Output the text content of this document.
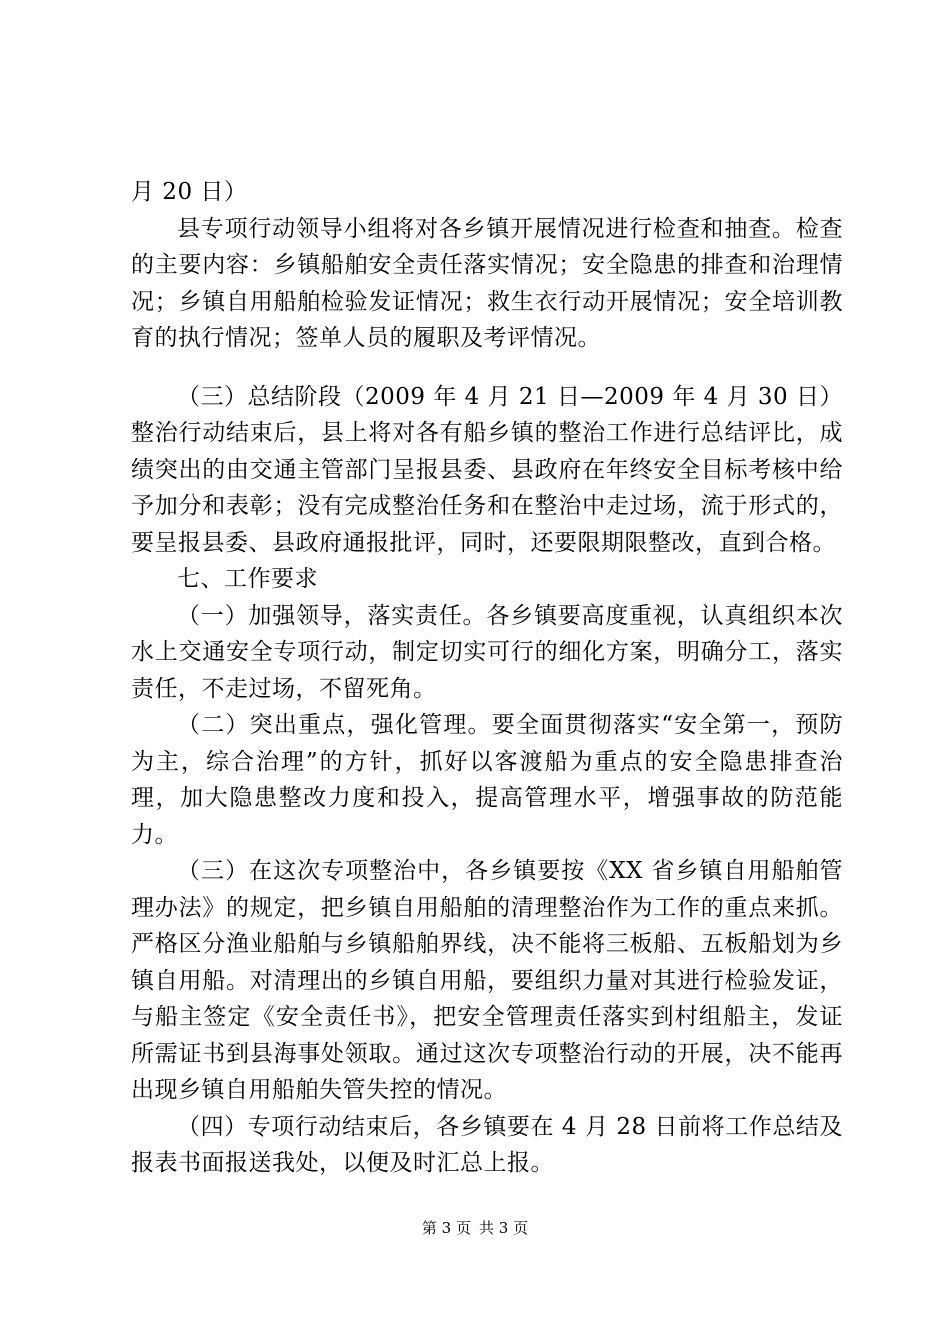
月 20 日）

县专项行动领导小组将对各乡镇开展情况进行检查和抽查。检查的主要内容：乡镇船舶安全责任落实情况；安全隐患的排查和治理情况；乡镇自用船舶检验发证情况；救生衣行动开展情况；安全培训教育的执行情况；签单人员的履职及考评情况。

（三）总结阶段（2009 年 4 月 21 日—2009 年 4 月 30 日）

整治行动结束后，县上将对各有船乡镇的整治工作进行总结评比，成绩突出的由交通主管部门呈报县委、县政府在年终安全目标考核中给予加分和表彰；没有完成整治任务和在整治中走过场，流于形式的，要呈报县委、县政府通报批评，同时，还要限期限整改，直到合格。

七、工作要求

（一）加强领导，落实责任。各乡镇要高度重视，认真组织本次水上交通安全专项行动，制定切实可行的细化方案，明确分工，落实责任，不走过场，不留死角。

（二）突出重点，强化管理。要全面贯彻落实“安全第一，预防为主，综合治理”的方针，抓好以客渡船为重点的安全隐患排查治理，加大隐患整改力度和投入，提高管理水平，增强事故的防范能力。

（三）在这次专项整治中，各乡镇要按《XX 省乡镇自用船舶管理办法》的规定，把乡镇自用船舶的清理整治作为工作的重点来抓。严格区分渔业船舶与乡镇船舶界线，决不能将三板船、五板船划为乡镇自用船。对清理出的乡镇自用船，要组织力量对其进行检验发证，与船主签定《安全责任书》，把安全管理责任落实到村组船主，发证所需证书到县海事处领取。通过这次专项整治行动的开展，决不能再出现乡镇自用船舶失管失控的情况。

（四）专项行动结束后，各乡镇要在 4 月 28 日前将工作总结及报表书面报送我处，以便及时汇总上报。

第 3 页 共 3 页
